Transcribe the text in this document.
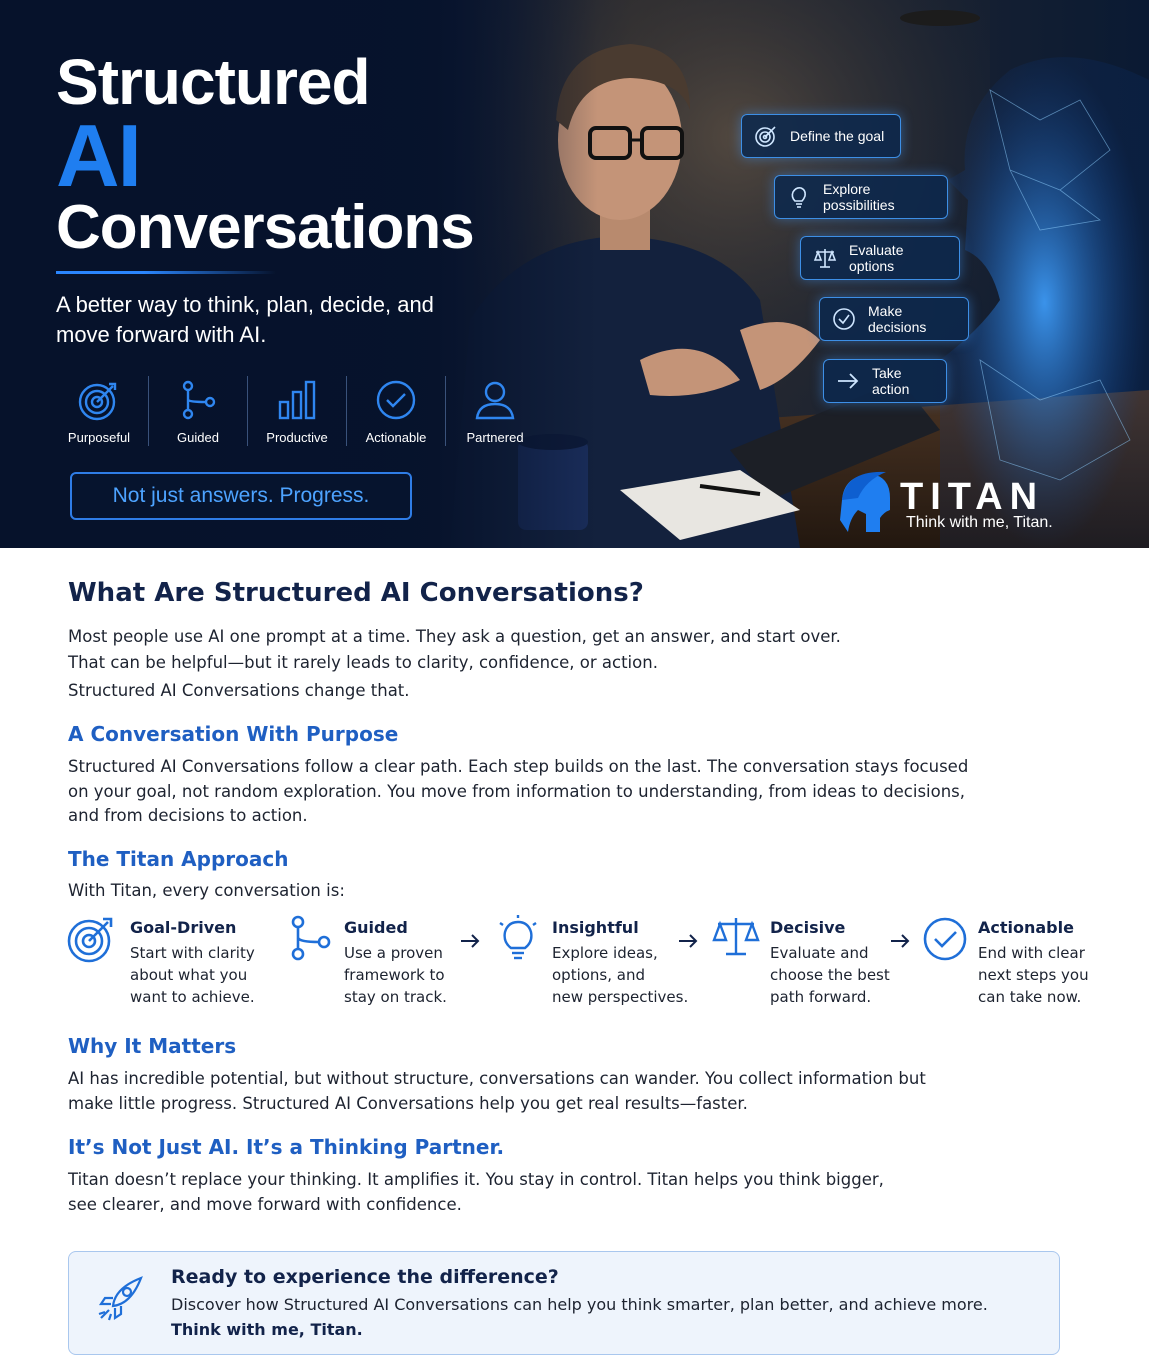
Structured
AI
Conversations
A better way to think, plan, decide, and move forward with AI.
Purposeful	Guided	Productive	Actionable	Partnered
Not just answers. Progress.
Define the goal
Explore possibilities
Evaluate options
Make decisions
Take action
TITAN
Think with me, Titan.
What Are Structured AI Conversations?

Most people use AI one prompt at a time. They ask a question, get an answer, and start over.

That can be helpful—but it rarely leads to clarity, confidence, or action.

Structured AI Conversations change that.

A Conversation With Purpose

Structured AI Conversations follow a clear path. Each step builds on the last. The conversation stays focused

on your goal, not random exploration. You move from information to understanding, from ideas to decisions,

and from decisions to action.

The Titan Approach

With Titan, every conversation is:

Goal-Driven
Start with clarity
about what you
want to achieve.
Guided
Use a proven
framework to
stay on track.
Insightful
Explore ideas,
options, and
new perspectives.
Decisive
Evaluate and
choose the best
path forward.
Actionable
End with clear
next steps you
can take now.
Why It Matters

AI has incredible potential, but without structure, conversations can wander. You collect information but

make little progress. Structured AI Conversations help you get real results—faster.

It’s Not Just AI. It’s a Thinking Partner.

Titan doesn’t replace your thinking. It amplifies it. You stay in control. Titan helps you think bigger,

see clearer, and move forward with confidence.

Ready to experience the difference?
Discover how Structured AI Conversations can help you think smarter, plan better, and achieve more.
Think with me, Titan.
